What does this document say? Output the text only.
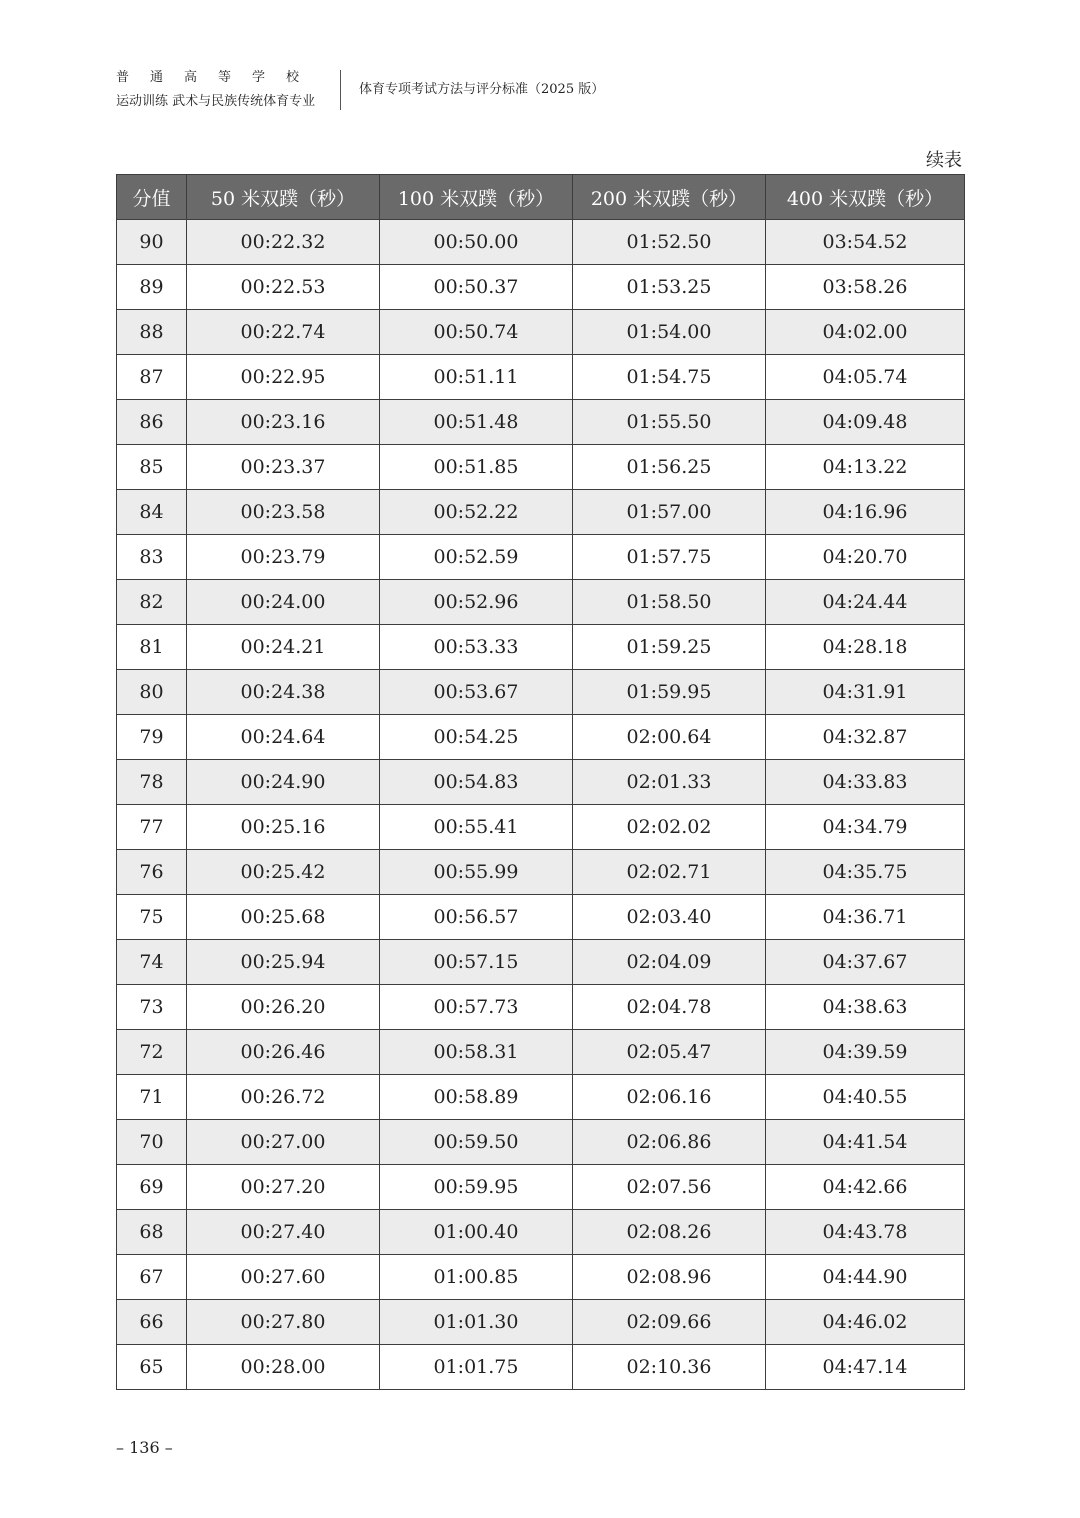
普通高等学校
运动训练 武术与民族传统体育专业
体育专项考试方法与评分标准（2025 版）
续表
分值	50 米双蹼（秒）	100 米双蹼（秒）	200 米双蹼（秒）	400 米双蹼（秒）
90	00:22.32	00:50.00	01:52.50	03:54.52
89	00:22.53	00:50.37	01:53.25	03:58.26
88	00:22.74	00:50.74	01:54.00	04:02.00
87	00:22.95	00:51.11	01:54.75	04:05.74
86	00:23.16	00:51.48	01:55.50	04:09.48
85	00:23.37	00:51.85	01:56.25	04:13.22
84	00:23.58	00:52.22	01:57.00	04:16.96
83	00:23.79	00:52.59	01:57.75	04:20.70
82	00:24.00	00:52.96	01:58.50	04:24.44
81	00:24.21	00:53.33	01:59.25	04:28.18
80	00:24.38	00:53.67	01:59.95	04:31.91
79	00:24.64	00:54.25	02:00.64	04:32.87
78	00:24.90	00:54.83	02:01.33	04:33.83
77	00:25.16	00:55.41	02:02.02	04:34.79
76	00:25.42	00:55.99	02:02.71	04:35.75
75	00:25.68	00:56.57	02:03.40	04:36.71
74	00:25.94	00:57.15	02:04.09	04:37.67
73	00:26.20	00:57.73	02:04.78	04:38.63
72	00:26.46	00:58.31	02:05.47	04:39.59
71	00:26.72	00:58.89	02:06.16	04:40.55
70	00:27.00	00:59.50	02:06.86	04:41.54
69	00:27.20	00:59.95	02:07.56	04:42.66
68	00:27.40	01:00.40	02:08.26	04:43.78
67	00:27.60	01:00.85	02:08.96	04:44.90
66	00:27.80	01:01.30	02:09.66	04:46.02
65	00:28.00	01:01.75	02:10.36	04:47.14
– 136 –
